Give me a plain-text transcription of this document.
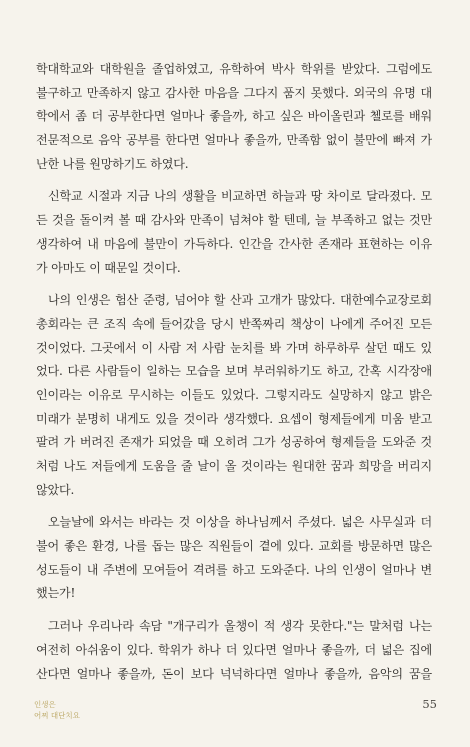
학대학교와 대학원을 졸업하였고, 유학하여 박사 학위를 받았다. 그럼에도
불구하고 만족하지 않고 감사한 마음을 그다지 품지 못했다. 외국의 유명 대
학에서 좀 더 공부한다면 얼마나 좋을까, 하고 싶은 바이올린과 첼로를 배워
전문적으로 음악 공부를 한다면 얼마나 좋을까, 만족함 없이 불만에 빠져 가
난한 나를 원망하기도 하였다.
신학교 시절과 지금 나의 생활을 비교하면 하늘과 땅 차이로 달라졌다. 모
든 것을 돌이켜 볼 때 감사와 만족이 넘쳐야 할 텐데, 늘 부족하고 없는 것만
생각하여 내 마음에 불만이 가득하다. 인간을 간사한 존재라 표현하는 이유
가 아마도 이 때문일 것이다.
나의 인생은 험산 준령, 넘어야 할 산과 고개가 많았다. 대한예수교장로회
총회라는 큰 조직 속에 들어갔을 당시 반쪽짜리 책상이 나에게 주어진 모든
것이었다. 그곳에서 이 사람 저 사람 눈치를 봐 가며 하루하루 살던 때도 있
었다. 다른 사람들이 일하는 모습을 보며 부러워하기도 하고, 간혹 시각장애
인이라는 이유로 무시하는 이들도 있었다. 그렇지라도 실망하지 않고 밝은
미래가 분명히 내게도 있을 것이라 생각했다. 요셉이 형제들에게 미움 받고
팔려 가 버려진 존재가 되었을 때 오히려 그가 성공하여 형제들을 도와준 것
처럼 나도 저들에게 도움을 줄 날이 올 것이라는 원대한 꿈과 희망을 버리지
않았다.
오늘날에 와서는 바라는 것 이상을 하나님께서 주셨다. 넓은 사무실과 더
불어 좋은 환경, 나를 돕는 많은 직원들이 곁에 있다. 교회를 방문하면 많은
성도들이 내 주변에 모여들어 격려를 하고 도와준다. 나의 인생이 얼마나 변
했는가!
그러나 우리나라 속담 "개구리가 올챙이 적 생각 못한다."는 말처럼 나는
여전히 아쉬움이 있다. 학위가 하나 더 있다면 얼마나 좋을까, 더 넓은 집에
산다면 얼마나 좋을까, 돈이 보다 넉넉하다면 얼마나 좋을까, 음악의 꿈을
인생은
어찌 대단치요
55
